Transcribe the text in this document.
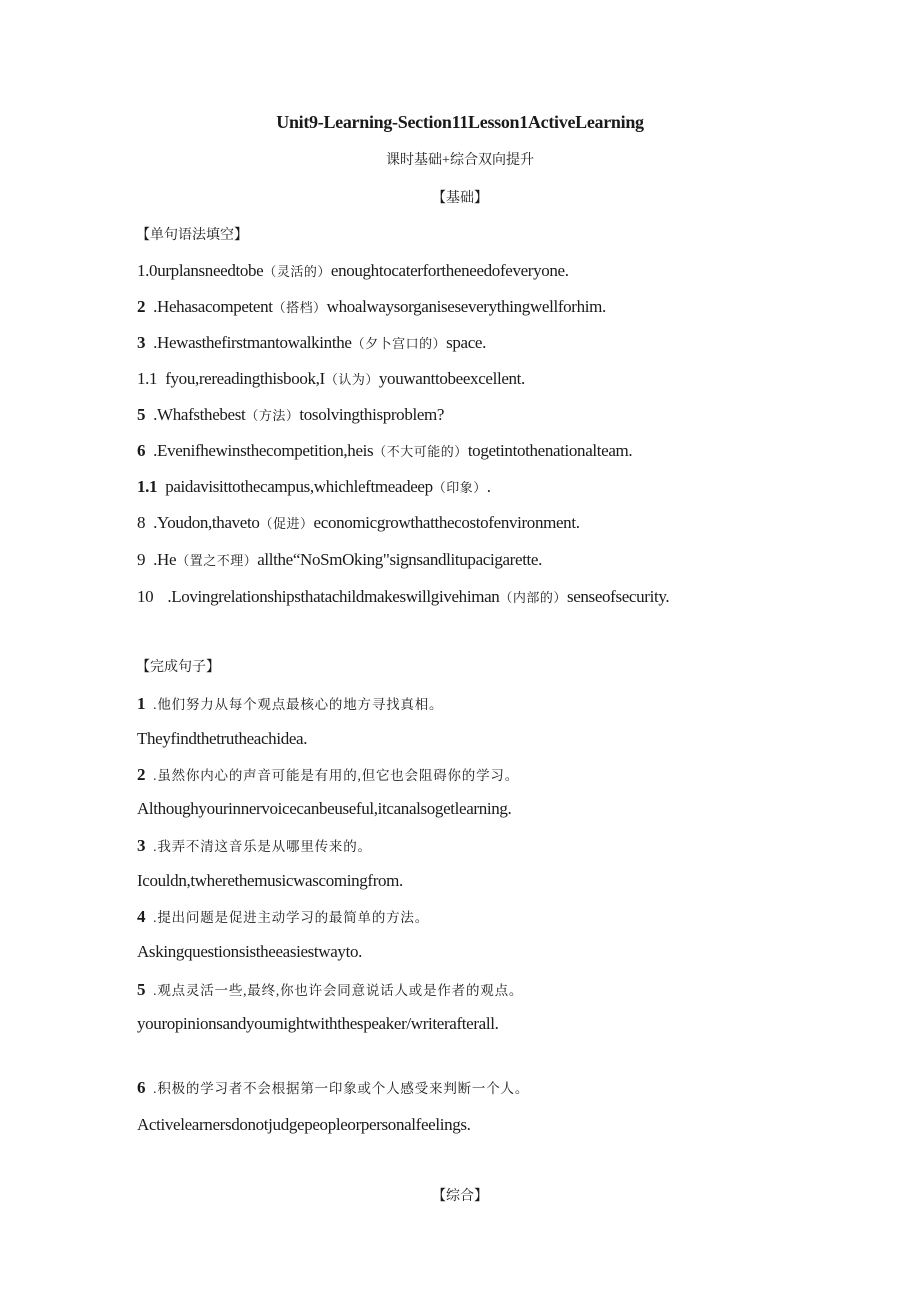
Unit9-Learning-Section11Lesson1ActiveLearning
课时基础+综合双向提升
【基础】
【单句语法填空】
1.0urplansneedtobe（灵活的）enoughtocaterfortheneedofeveryone.
2 .Hehasacompetent（搭档）whoalwaysorganiseseverythingwellforhim.
3 .Hewasthefirstmantowalkinthe（夕卜宫口的）space.
1.1 fyou,rereadingthisbook,I（认为）youwanttobeexcellent.
5 .Whafsthebest（方法）tosolvingthisproblem?
6 .Evenifhewinsthecompetition,heis（不大可能的）togetintothenationalteam.
1.1 paidavisittothecampus,whichleftmeadeep（印象）.
8 .Youdon,thaveto（促进）economicgrowthatthecostofenvironment.
9 .He（置之不理）allthe“NoSmOking"signsandlitupacigarette.
10 .Lovingrelationshipsthatachildmakeswillgivehiman（内部的）senseofsecurity.
【完成句子】
1 .他们努力从每个观点最核心的地方寻找真相。
Theyfindthetrutheachidea.
2 .虽然你内心的声音可能是有用的,但它也会阻碍你的学习。
Althoughyourinnervoicecanbeuseful,itcanalsogetlearning.
3 .我弄不清这音乐是从哪里传来的。
Icouldn,twherethemusicwascomingfrom.
4 .提出问题是促进主动学习的最简单的方法。
Askingquestionsistheeasiestwayto.
5 .观点灵活一些,最终,你也许会同意说话人或是作者的观点。
youropinionsandyoumightwiththespeaker/writerafterall.
6 .积极的学习者不会根据第一印象或个人感受来判断一个人。
Activelearnersdonotjudgepeopleorpersonalfeelings.
【综合】
